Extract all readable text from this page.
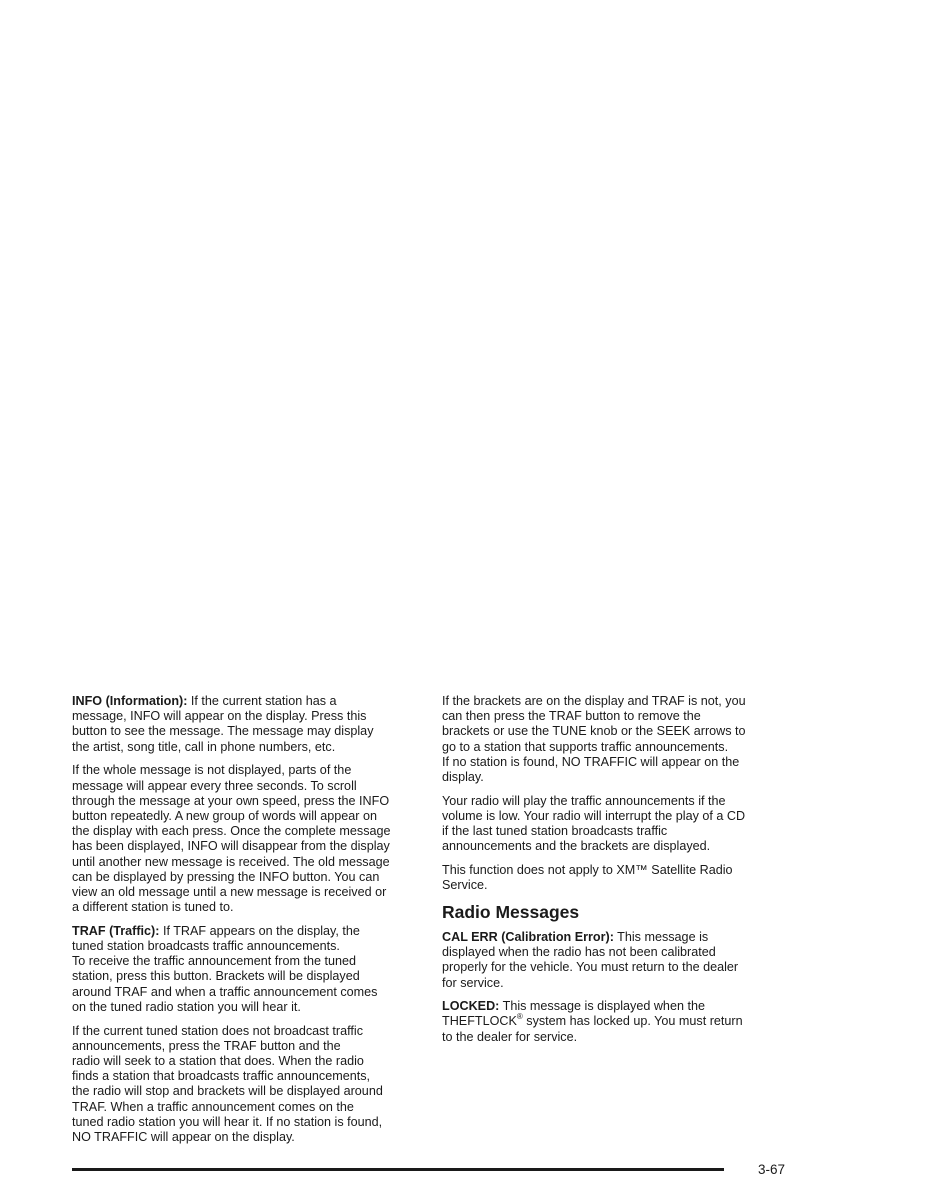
INFO (Information): If the current station has a
message, INFO will appear on the display. Press this
button to see the message. The message may display
the artist, song title, call in phone numbers, etc.

If the whole message is not displayed, parts of the
message will appear every three seconds. To scroll
through the message at your own speed, press the INFO
button repeatedly. A new group of words will appear on
the display with each press. Once the complete message
has been displayed, INFO will disappear from the display
until another new message is received. The old message
can be displayed by pressing the INFO button. You can
view an old message until a new message is received or
a different station is tuned to.

TRAF (Traffic): If TRAF appears on the display, the
tuned station broadcasts traffic announcements.
To receive the traffic announcement from the tuned
station, press this button. Brackets will be displayed
around TRAF and when a traffic announcement comes
on the tuned radio station you will hear it.

If the current tuned station does not broadcast traffic
announcements, press the TRAF button and the
radio will seek to a station that does. When the radio
finds a station that broadcasts traffic announcements,
the radio will stop and brackets will be displayed around
TRAF. When a traffic announcement comes on the
tuned radio station you will hear it. If no station is found,
NO TRAFFIC will appear on the display.

If the brackets are on the display and TRAF is not, you
can then press the TRAF button to remove the
brackets or use the TUNE knob or the SEEK arrows to
go to a station that supports traffic announcements.
If no station is found, NO TRAFFIC will appear on the
display.

Your radio will play the traffic announcements if the
volume is low. Your radio will interrupt the play of a CD
if the last tuned station broadcasts traffic
announcements and the brackets are displayed.

This function does not apply to XM™ Satellite Radio
Service.

Radio Messages

CAL ERR (Calibration Error): This message is
displayed when the radio has not been calibrated
properly for the vehicle. You must return to the dealer
for service.

LOCKED: This message is displayed when the
THEFTLOCK® system has locked up. You must return
to the dealer for service.

3-67
